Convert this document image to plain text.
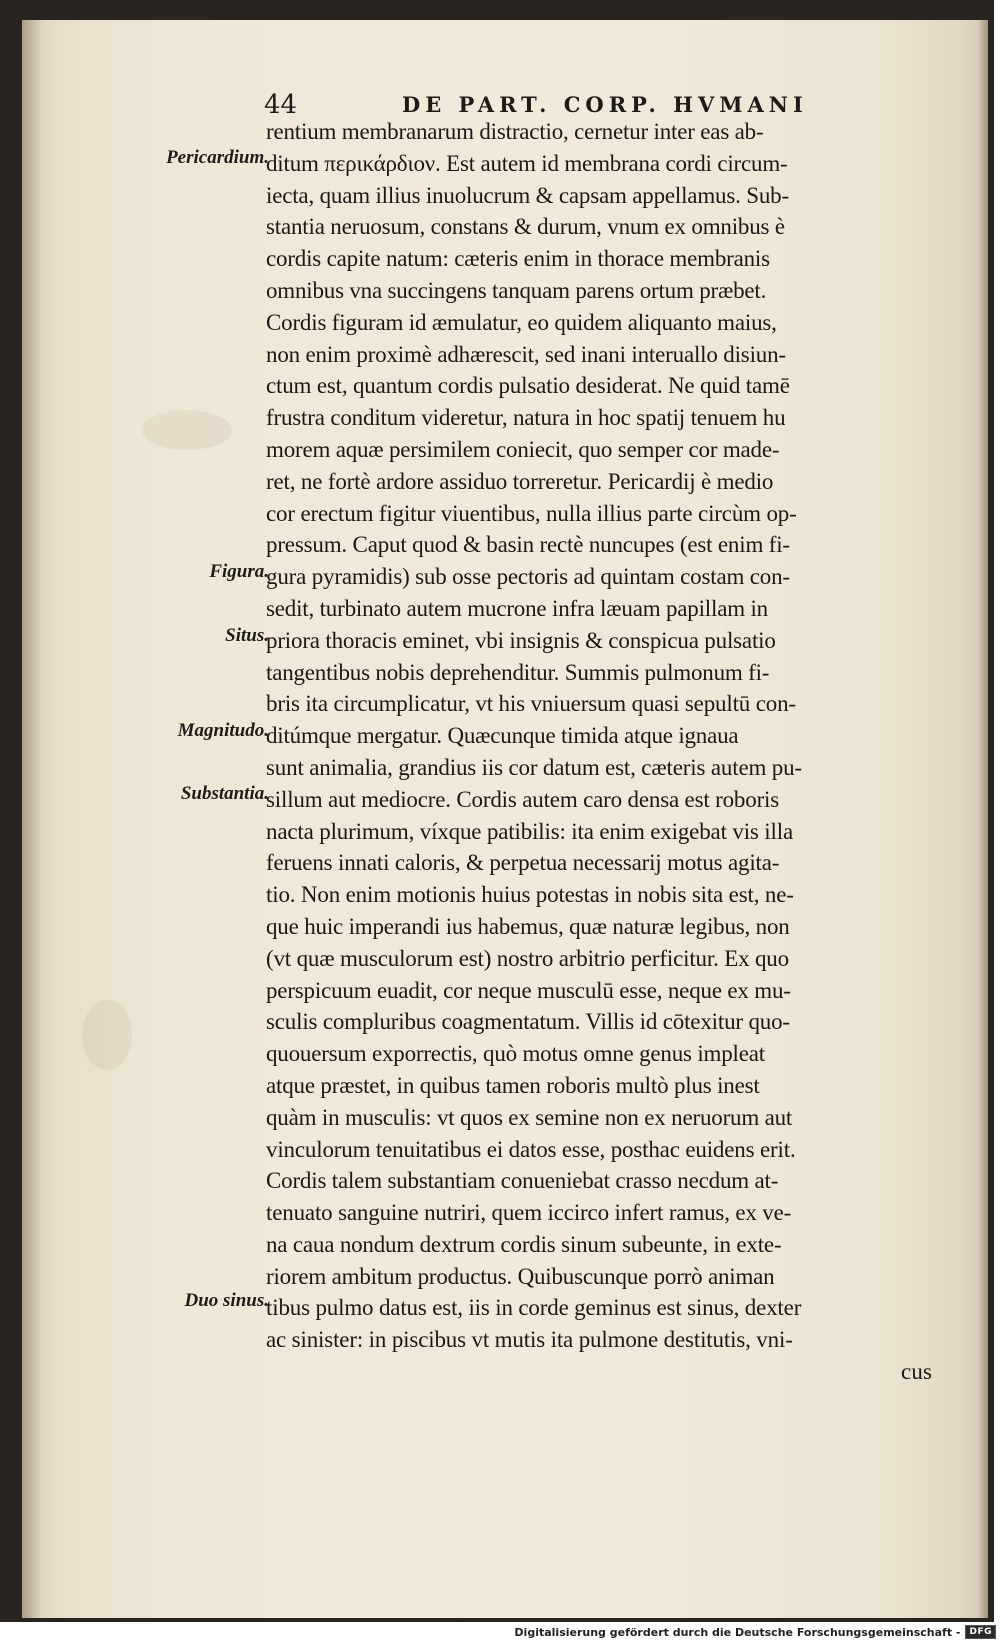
44	DE PART. CORP. HVMANI
Pericardium.
Figura.
Situs.
Magnitudo.
Substantia.
Duo sinus.
rentium membranarum distractio, cernetur inter eas ab-
ditum περικάρδιον. Est autem id membrana cordi circum-
iecta, quam illius inuolucrum & capsam appellamus. Sub-
stantia neruosum, constans & durum, vnum ex omnibus è
cordis capite natum: cæteris enim in thorace membranis
omnibus vna succingens tanquam parens ortum præbet.
Cordis figuram id æmulatur, eo quidem aliquanto maius,
non enim proximè adhærescit, sed inani interuallo disiun-
ctum est, quantum cordis pulsatio desiderat. Ne quid tamē
frustra conditum videretur, natura in hoc spatij tenuem hu
morem aquæ persimilem coniecit, quo semper cor made-
ret, ne fortè ardore assiduo torreretur. Pericardij è medio
cor erectum figitur viuentibus, nulla illius parte circùm op-
pressum. Caput quod & basin rectè nuncupes (est enim fi-
gura pyramidis) sub osse pectoris ad quintam costam con-
sedit, turbinato autem mucrone infra læuam papillam in
priora thoracis eminet, vbi insignis & conspicua pulsatio
tangentibus nobis deprehenditur. Summis pulmonum fi-
bris ita circumplicatur, vt his vniuersum quasi sepultū con-
ditúmque mergatur. Quæcunque timida atque ignaua
sunt animalia, grandius iis cor datum est, cæteris autem pu-
sillum aut mediocre. Cordis autem caro densa est roboris
nacta plurimum, víxque patibilis: ita enim exigebat vis illa
feruens innati caloris, & perpetua necessarij motus agita-
tio. Non enim motionis huius potestas in nobis sita est, ne-
que huic imperandi ius habemus, quæ naturæ legibus, non
(vt quæ musculorum est) nostro arbitrio perficitur. Ex quo
perspicuum euadit, cor neque musculū esse, neque ex mu-
sculis compluribus coagmentatum. Villis id cōtexitur quo-
quouersum exporrectis, quò motus omne genus impleat
atque præstet, in quibus tamen roboris multò plus inest
quàm in musculis: vt quos ex semine non ex neruorum aut
vinculorum tenuitatibus ei datos esse, posthac euidens erit.
Cordis talem substantiam conueniebat crasso necdum at-
tenuato sanguine nutriri, quem iccirco infert ramus, ex ve-
na caua nondum dextrum cordis sinum subeunte, in exte-
riorem ambitum productus. Quibuscunque porrò animan
tibus pulmo datus est, iis in corde geminus est sinus, dexter
ac sinister: in piscibus vt mutis ita pulmone destitutis, vni-
cus
Digitalisierung gefördert durch die Deutsche Forschungsgemeinschaft -	DFG
